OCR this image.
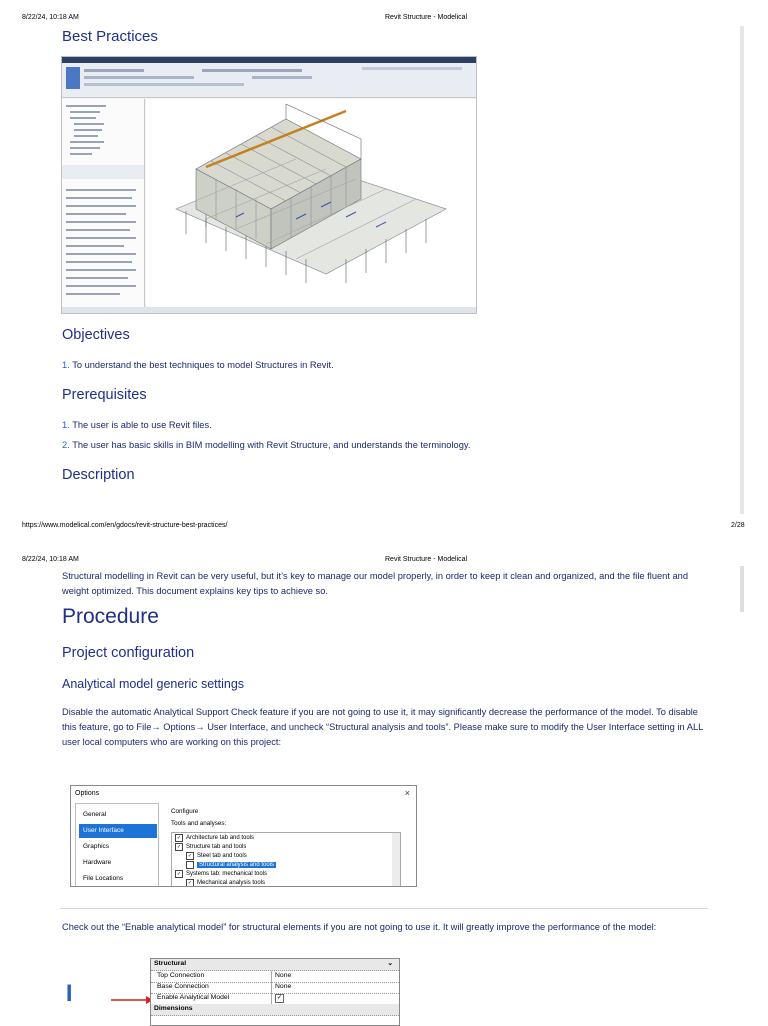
8/22/24, 10:18 AM	Revit Structure - Modelical
Best Practices
Objectives
1. To understand the best techniques to model Structures in Revit.
Prerequisites
1. The user is able to use Revit files.
2. The user has basic skills in BIM modelling with Revit Structure, and understands the terminology.
Description
https://www.modelical.com/en/gdocs/revit-structure-best-practices/	2/28
8/22/24, 10:18 AM	Revit Structure - Modelical
Structural modelling in Revit can be very useful, but it’s key to manage our model properly, in order to keep it clean and organized, and the file fluent and weight optimized. This document explains key tips to achieve so.
Procedure
Project configuration
Analytical model generic settings
Disable the automatic Analytical Support Check feature if you are not going to use it, it may significantly decrease the performance of the model. To disable this feature, go to File→ Options→ User Interface, and uncheck “Structural analysis and tools”. Please make sure to modify the User Interface setting in ALL user local computers who are working on this project:
Options	×
General
User Interface
Graphics
Hardware
File Locations
Configure
Tools and analyses:
✓ Architecture tab and tools
✓ Structure tab and tools
✓ Steel tab and tools
Structural analysis and tools
✓ Systems tab: mechanical tools
✓ Mechanical analysis tools
Check out the “Enable analytical model” for structural elements if you are not going to use it. It will greatly improve the performance of the model:
I
Structural	⌄
Top Connection	None
Base Connection	None
Enable Analytical Model	✓
Dimensions
